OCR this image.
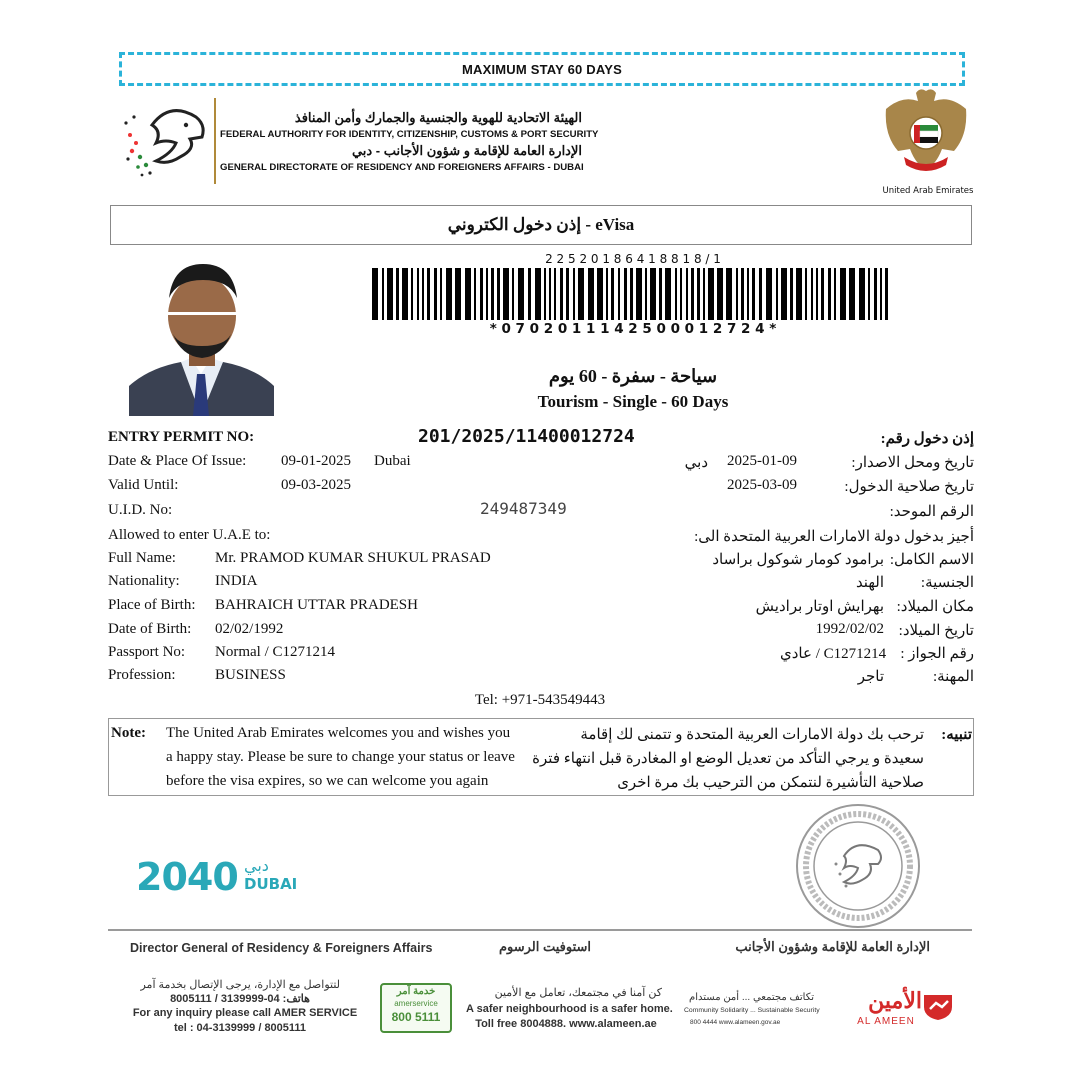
MAXIMUM STAY 60 DAYS
الهيئة الاتحادية للهوية والجنسية والجمارك وأمن المنافذ
FEDERAL AUTHORITY FOR IDENTITY, CITIZENSHIP, CUSTOMS & PORT SECURITY
الإدارة العامة للإقامة و شؤون الأجانب - دبي
GENERAL DIRECTORATE OF RESIDENCY AND FOREIGNERS AFFAIRS - DUBAI
United Arab Emirates
إذن دخول الكتروني - eVisa
2 2 5 2 0 1 8 6 4 1 8 8 1 8 / 1
* 0 7 0 2 0 1 1 1 4 2 5 0 0 0 1 2 7 2 4 *
سياحة - سفرة - 60 يوم
Tourism - Single - 60 Days
ENTRY PERMIT NO:	201/2025/11400012724	إذن دخول رقم:
Date & Place Of Issue: 09-01-2025 Dubai	دبي 2025-01-09	تاريخ ومحل الاصدار:
Valid Until:	09-03-2025	2025-03-09	تاريخ صلاحية الدخول:
U.I.D. No:	249487349	الرقم الموحد:
Allowed to enter U.A.E to:	أجيز بدخول دولة الامارات العربية المتحدة الى:
Full Name:	Mr. PRAMOD KUMAR SHUKUL PRASAD	برامود كومار شوكول براساد الاسم الكامل:
Nationality: INDIA	الهند	الجنسية:
Place of Birth: BAHRAICH UTTAR PRADESH	بهرايش اوتار برادیش مكان الميلاد:
Date of Birth: 02/02/1992	1992/02/02 تاريخ الميلاد:
Passport No: Normal / C1271214	عادي / C1271214 رقم الجواز :
Profession:	BUSINESS	تاجر	المهنة:
Tel: +971-543549443
Note: The United Arab Emirates welcomes you and wishes you
a happy stay. Please be sure to change your status or leave
before the visa expires, so we can welcome you again
تنبيه:
ترحب بك دولة الامارات العربية المتحدة و تتمنى لك إقامة
سعيدة و يرجي التأكد من تعديل الوضع او المغادرة قبل انتهاء فترة
صلاحية التأشيرة لنتمكن من الترحيب بك مرة اخرى
2040 دبي
DUBAI
Director General of Residency & Foreigners Affairs	استوفيت الرسوم	الإدارة العامة للإقامة وشؤون الأجانب
لتتواصل مع الإدارة، يرجى الإتصال بخدمة آمر
هاتف: 04-3139999 / 8005111
For any inquiry please call AMER SERVICE
tel : 04-3139999 / 8005111
خدمة آمر
amerservice
800 5111
كن آمنا في مجتمعك، تعامل مع الأمين
A safer neighbourhood is a safer home.
Toll free 8004888. www.alameen.ae
تكاتف مجتمعي ... أمن مستدام
Community Solidarity ... Sustainable Security
800 4444 www.alameen.gov.ae
الأمين
AL AMEEN
